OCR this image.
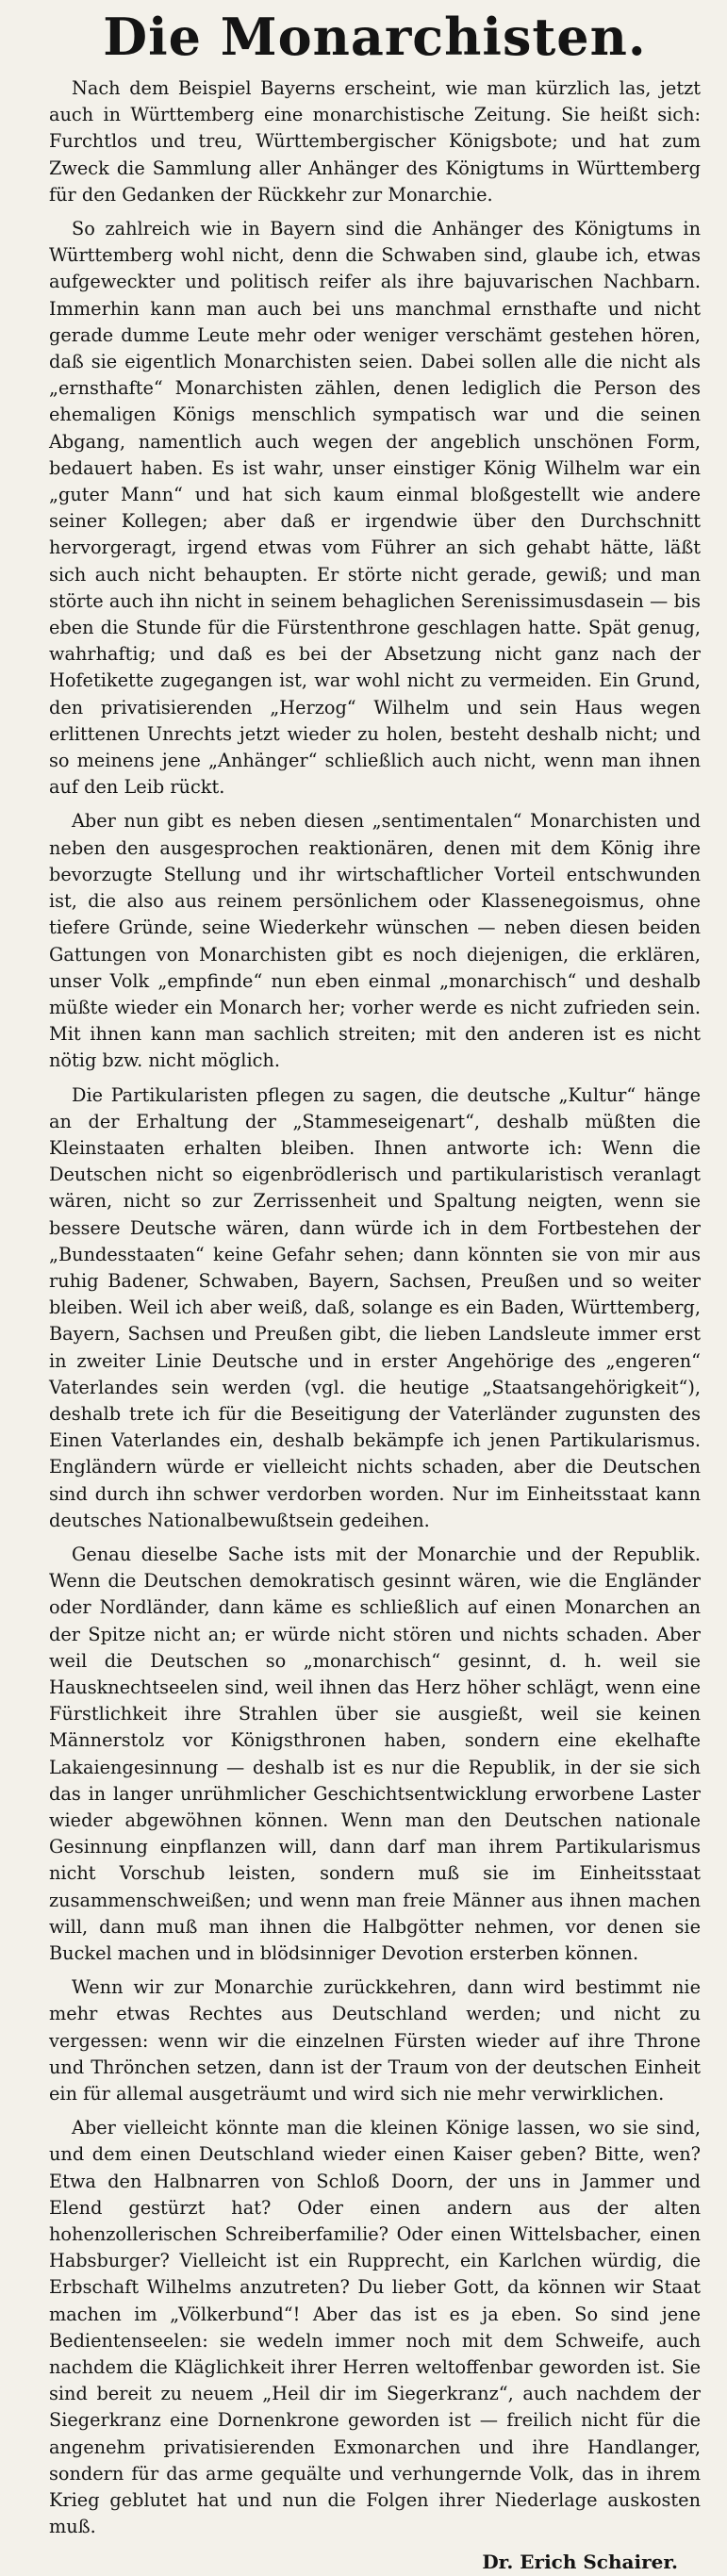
Die Monarchisten.

Nach dem Beispiel Bayerns erscheint, wie man kürzlich las, jetzt auch in Württemberg eine monarchistische Zeitung. Sie heißt sich: Furchtlos und treu, Württembergischer Königsbote; und hat zum Zweck die Sammlung aller Anhänger des Königtums in Württemberg für den Gedanken der Rückkehr zur Monarchie.

So zahlreich wie in Bayern sind die Anhänger des Königtums in Württemberg wohl nicht, denn die Schwaben sind, glaube ich, etwas aufgeweckter und politisch reifer als ihre bajuvarischen Nachbarn. Immerhin kann man auch bei uns manchmal ernsthafte und nicht gerade dumme Leute mehr oder weniger verschämt gestehen hören, daß sie eigentlich Monarchisten seien. Dabei sollen alle die nicht als „ernsthafte“ Monarchisten zählen, denen lediglich die Person des ehemaligen Königs menschlich sympatisch war und die seinen Abgang, namentlich auch wegen der angeblich unschönen Form, bedauert haben. Es ist wahr, unser einstiger König Wilhelm war ein „guter Mann“ und hat sich kaum einmal bloßgestellt wie andere seiner Kollegen; aber daß er irgendwie über den Durchschnitt hervorgeragt, irgend etwas vom Führer an sich gehabt hätte, läßt sich auch nicht behaupten. Er störte nicht gerade, gewiß; und man störte auch ihn nicht in seinem behaglichen Serenissimusdasein — bis eben die Stunde für die Fürstenthrone geschlagen hatte. Spät genug, wahrhaftig; und daß es bei der Absetzung nicht ganz nach der Hofetikette zugegangen ist, war wohl nicht zu vermeiden. Ein Grund, den privatisierenden „Herzog“ Wilhelm und sein Haus wegen erlittenen Unrechts jetzt wieder zu holen, besteht deshalb nicht; und so meinens jene „Anhänger“ schließlich auch nicht, wenn man ihnen auf den Leib rückt.

Aber nun gibt es neben diesen „sentimentalen“ Monarchisten und neben den ausgesprochen reaktionären, denen mit dem König ihre bevorzugte Stellung und ihr wirtschaftlicher Vorteil entschwunden ist, die also aus reinem persönlichem oder Klassenegoismus, ohne tiefere Gründe, seine Wiederkehr wünschen — neben diesen beiden Gattungen von Monarchisten gibt es noch diejenigen, die erklären, unser Volk „empfinde“ nun eben einmal „monarchisch“ und deshalb müßte wieder ein Monarch her; vorher werde es nicht zufrieden sein. Mit ihnen kann man sachlich streiten; mit den anderen ist es nicht nötig bzw. nicht möglich.

Die Partikularisten pflegen zu sagen, die deutsche „Kultur“ hänge an der Erhaltung der „Stammeseigenart“, deshalb müßten die Kleinstaaten erhalten bleiben. Ihnen antworte ich: Wenn die Deutschen nicht so eigenbrödlerisch und partikularistisch veranlagt wären, nicht so zur Zerrissenheit und Spaltung neigten, wenn sie bessere Deutsche wären, dann würde ich in dem Fortbestehen der „Bundesstaaten“ keine Gefahr sehen; dann könnten sie von mir aus ruhig Badener, Schwaben, Bayern, Sachsen, Preußen und so weiter bleiben. Weil ich aber weiß, daß, solange es ein Baden, Württemberg, Bayern, Sachsen und Preußen gibt, die lieben Landsleute immer erst in zweiter Linie Deutsche und in erster Angehörige des „engeren“ Vaterlandes sein werden (vgl. die heutige „Staatsangehörigkeit“), deshalb trete ich für die Beseitigung der Vaterländer zugunsten des Einen Vaterlandes ein, deshalb bekämpfe ich jenen Partikularismus. Engländern würde er vielleicht nichts schaden, aber die Deutschen sind durch ihn schwer verdorben worden. Nur im Einheitsstaat kann deutsches Nationalbewußtsein gedeihen.

Genau dieselbe Sache ists mit der Monarchie und der Republik. Wenn die Deutschen demokratisch gesinnt wären, wie die Engländer oder Nordländer, dann käme es schließlich auf einen Monarchen an der Spitze nicht an; er würde nicht stören und nichts schaden. Aber weil die Deutschen so „monarchisch“ gesinnt, d. h. weil sie Hausknechtseelen sind, weil ihnen das Herz höher schlägt, wenn eine Fürstlichkeit ihre Strahlen über sie ausgießt, weil sie keinen Männerstolz vor Königsthronen haben, sondern eine ekelhafte Lakaiengesinnung — deshalb ist es nur die Republik, in der sie sich das in langer unrühmlicher Geschichtsentwicklung erworbene Laster wieder abgewöhnen können. Wenn man den Deutschen nationale Gesinnung einpflanzen will, dann darf man ihrem Partikularismus nicht Vorschub leisten, sondern muß sie im Einheitsstaat zusammenschweißen; und wenn man freie Männer aus ihnen machen will, dann muß man ihnen die Halbgötter nehmen, vor denen sie Buckel machen und in blödsinniger Devotion ersterben können.

Wenn wir zur Monarchie zurückkehren, dann wird bestimmt nie mehr etwas Rechtes aus Deutschland werden; und nicht zu vergessen: wenn wir die einzelnen Fürsten wieder auf ihre Throne und Thrönchen setzen, dann ist der Traum von der deutschen Einheit ein für allemal ausgeträumt und wird sich nie mehr verwirklichen.

Aber vielleicht könnte man die kleinen Könige lassen, wo sie sind, und dem einen Deutschland wieder einen Kaiser geben? Bitte, wen? Etwa den Halbnarren von Schloß Doorn, der uns in Jammer und Elend gestürzt hat? Oder einen andern aus der alten hohenzollerischen Schreiberfamilie? Oder einen Wittelsbacher, einen Habsburger? Vielleicht ist ein Rupprecht, ein Karlchen würdig, die Erbschaft Wilhelms anzutreten? Du lieber Gott, da können wir Staat machen im „Völkerbund“! Aber das ist es ja eben. So sind jene Bedientenseelen: sie wedeln immer noch mit dem Schweife, auch nachdem die Kläglichkeit ihrer Herren weltoffenbar geworden ist. Sie sind bereit zu neuem „Heil dir im Siegerkranz“, auch nachdem der Siegerkranz eine Dornenkrone geworden ist — freilich nicht für die angenehm privatisierenden Exmonarchen und ihre Handlanger, sondern für das arme gequälte und verhungernde Volk, das in ihrem Krieg geblutet hat und nun die Folgen ihrer Niederlage auskosten muß.

Dr. Erich Schairer.
